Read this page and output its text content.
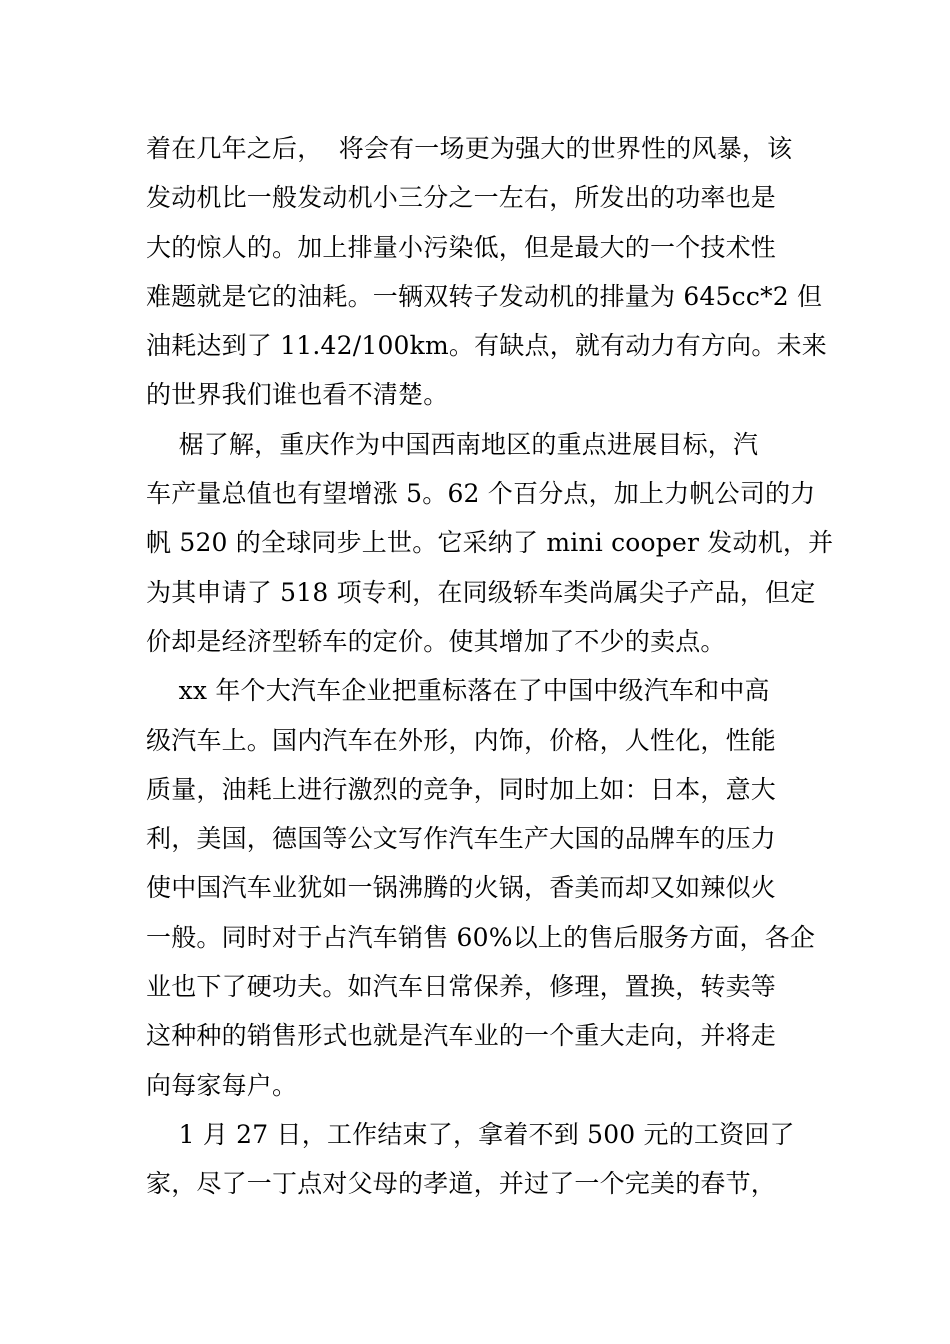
着在几年之后，  将会有一场更为强大的世界性的风暴，该
发动机比一般发动机小三分之一左右，所发出的功率也是
大的惊人的。加上排量小污染低，但是最大的一个技术性
难题就是它的油耗。一辆双转子发动机的排量为 645cc*2 但
油耗达到了 11.42/100km。有缺点，就有动力有方向。未来
的世界我们谁也看不清楚。
椐了解，重庆作为中国西南地区的重点进展目标，汽
车产量总值也有望增涨 5。62 个百分点，加上力帆公司的力
帆 520 的全球同步上世。它采纳了 mini cooper 发动机，并
为其申请了 518 项专利，在同级轿车类尚属尖子产品，但定
价却是经济型轿车的定价。使其增加了不少的卖点。
xx 年个大汽车企业把重标落在了中国中级汽车和中高
级汽车上。国内汽车在外形，内饰，价格，人性化，性能
质量，油耗上进行激烈的竞争，同时加上如：日本，意大
利，美国，德国等公文写作汽车生产大国的品牌车的压力
使中国汽车业犹如一锅沸腾的火锅，香美而却又如辣似火
一般。同时对于占汽车销售 60%以上的售后服务方面，各企
业也下了硬功夫。如汽车日常保养，修理，置换，转卖等
这种种的销售形式也就是汽车业的一个重大走向，并将走
向每家每户。
1 月 27 日，工作结束了，拿着不到 500 元的工资回了
家，尽了一丁点对父母的孝道，并过了一个完美的春节，
